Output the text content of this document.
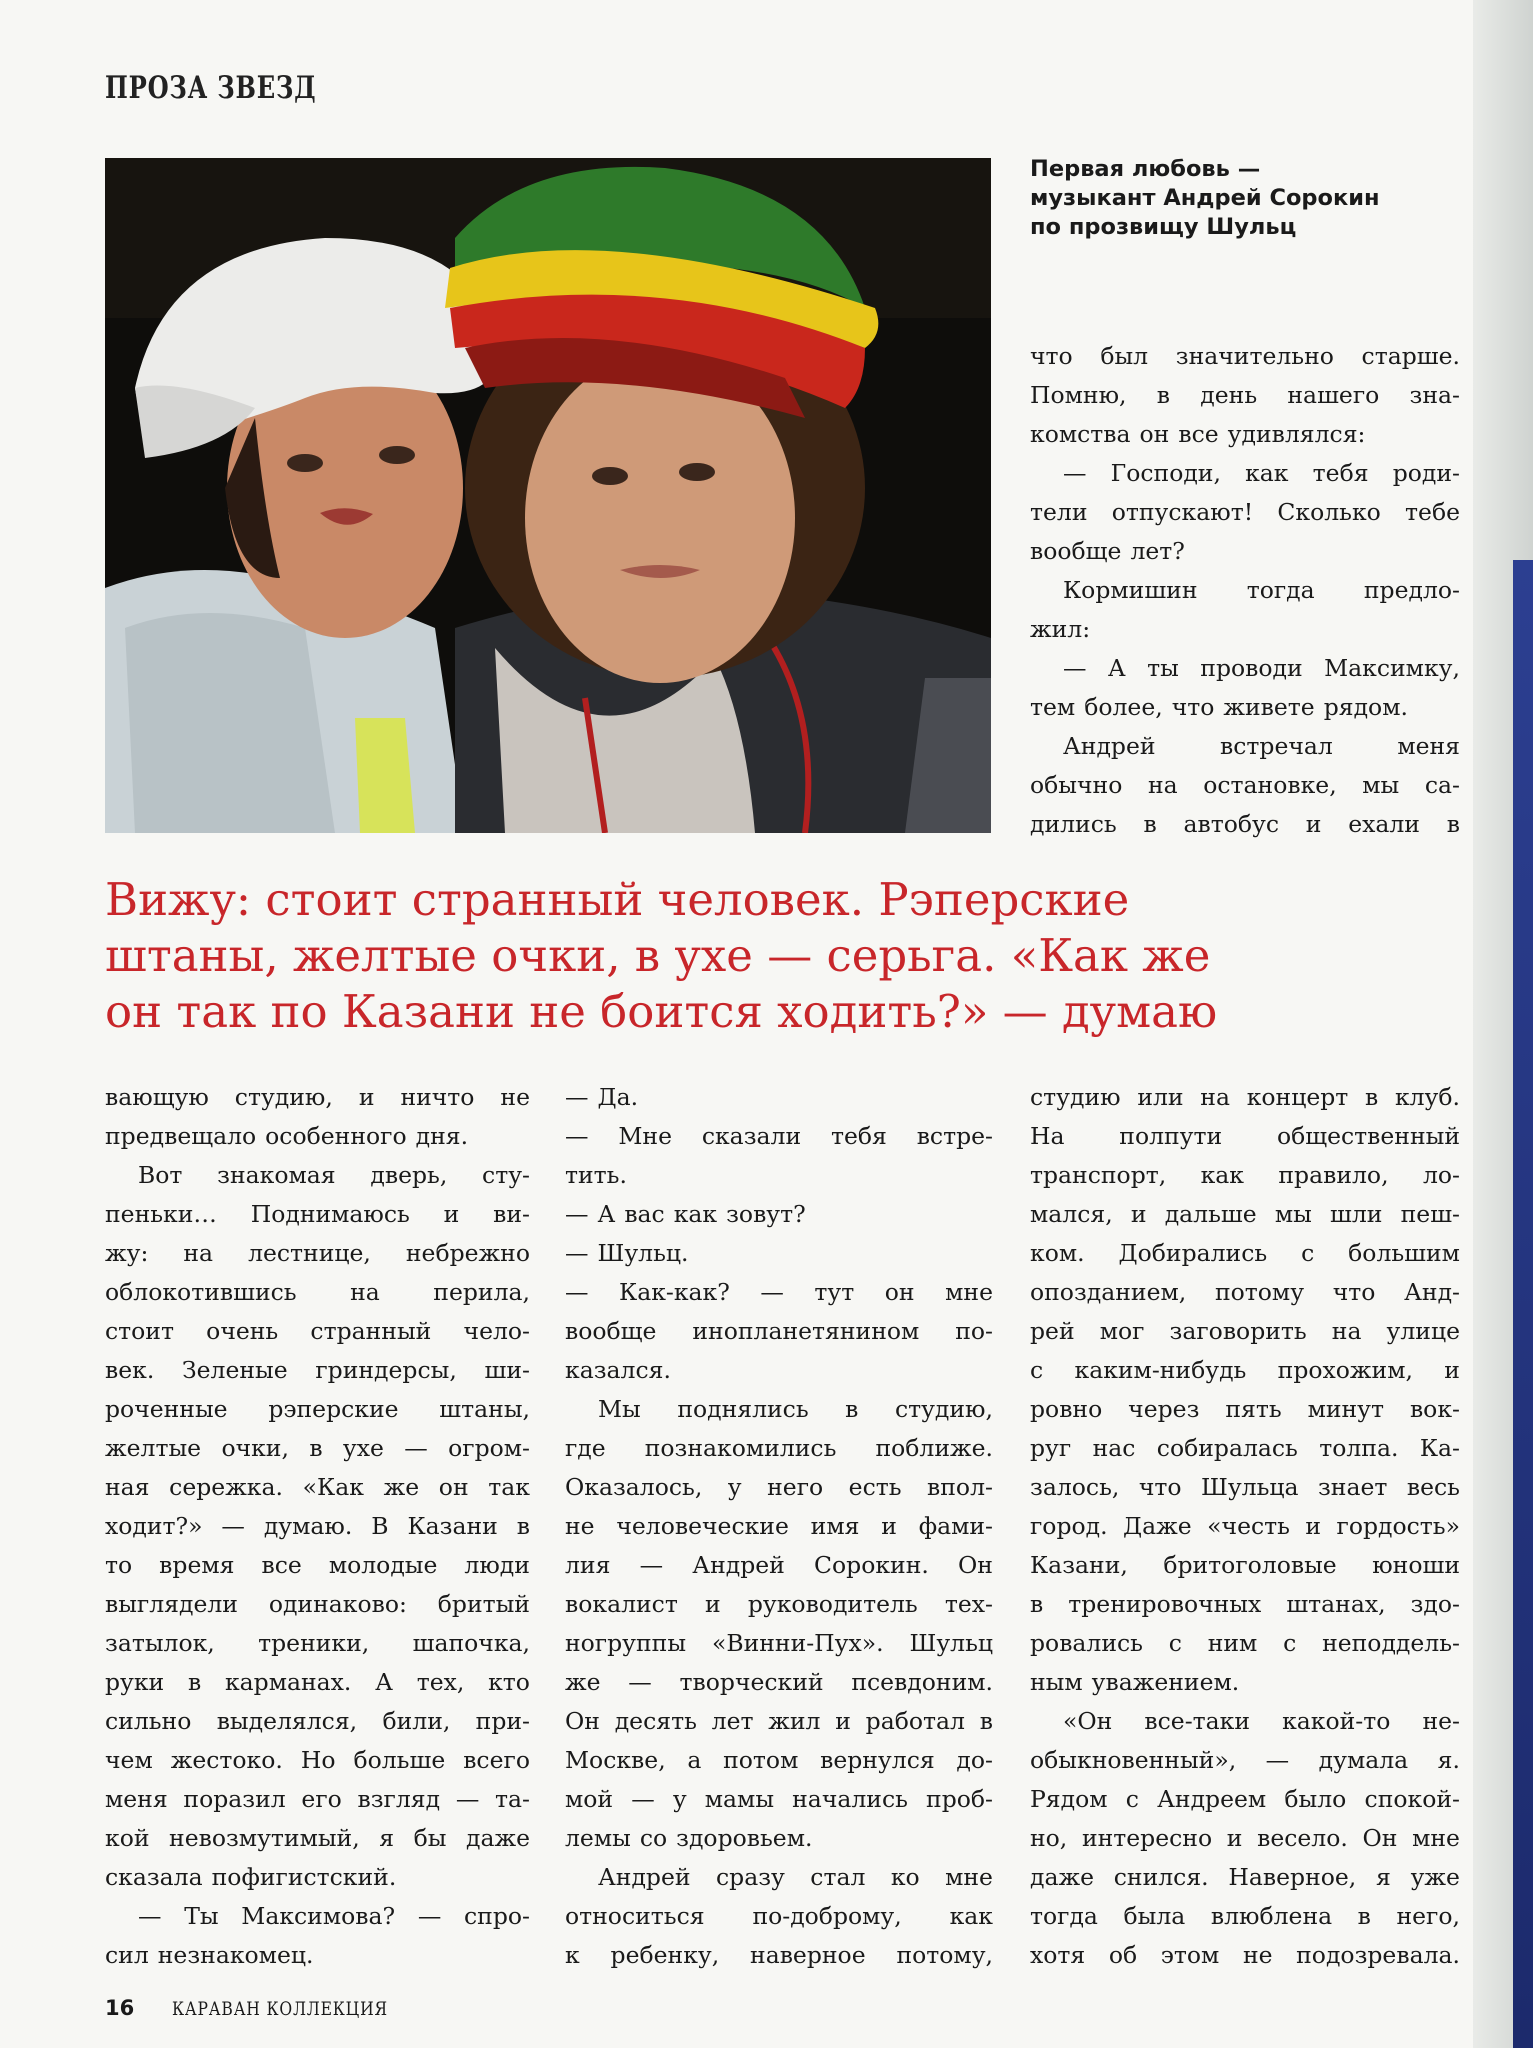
ПРОЗА ЗВЕЗД
Первая любовь —
музыкант Андрей Сорокин
по прозвищу Шульц
Вижу: стоит странный человек. Рэперские
штаны, желтые очки, в ухе — серьга. «Как же
он так по Казани не боится ходить?» — думаю
что был значительно старше.
Помню, в день нашего зна-
комства он все удивлялся:
— Господи, как тебя роди-
тели отпускают! Сколько тебе
вообще лет?
Кормишин тогда предло-
жил:
— А ты проводи Максимку,
тем более, что живете рядом.
Андрей	встречал	меня
обычно на остановке, мы са-
дились в автобус и ехали в
вающую студию, и ничто не
предвещало особенного дня.
Вот знакомая дверь, сту-
пеньки… Поднимаюсь и ви-
жу: на лестнице, небрежно
облокотившись на перила,
стоит очень странный чело-
век. Зеленые гриндерсы, ши-
роченные рэперские штаны,
желтые очки, в ухе — огром-
ная сережка. «Как же он так
ходит?» — думаю. В Казани в
то время все молодые люди
выглядели одинаково: бритый
затылок, треники, шапочка,
руки в карманах. А тех, кто
сильно выделялся, били, при-
чем жестоко. Но больше всего
меня поразил его взгляд — та-
кой невозмутимый, я бы даже
сказала пофигистский.
— Ты Максимова? — спро-
сил незнакомец.
— Да.
— Мне сказали тебя встре-
тить.
— А вас как зовут?
— Шульц.
— Как-как? — тут он мне
вообще инопланетянином по-
казался.
Мы поднялись в студию,
где познакомились поближе.
Оказалось, у него есть впол-
не человеческие имя и фами-
лия — Андрей Сорокин. Он
вокалист и руководитель тех-
ногруппы «Винни-Пух». Шульц
же — творческий псевдоним.
Он десять лет жил и работал в
Москве, а потом вернулся до-
мой — у мамы начались проб-
лемы со здоровьем.
Андрей сразу стал ко мне
относиться по-доброму, как
к ребенку, наверное потому,
студию или на концерт в клуб.
На полпути общественный
транспорт, как правило, ло-
мался, и дальше мы шли пеш-
ком. Добирались с большим
опозданием, потому что Анд-
рей мог заговорить на улице
с каким-нибудь прохожим, и
ровно через пять минут вок-
руг нас собиралась толпа. Ка-
залось, что Шульца знает весь
город. Даже «честь и гордость»
Казани, бритоголовые юноши
в тренировочных штанах, здо-
ровались с ним с неподдель-
ным уважением.
«Он все-таки какой-то не-
обыкновенный», — думала я.
Рядом с Андреем было спокой-
но, интересно и весело. Он мне
даже снился. Наверное, я уже
тогда была влюблена в него,
хотя об этом не подозревала.
16 КАРАВАН КОЛЛЕКЦИЯ
